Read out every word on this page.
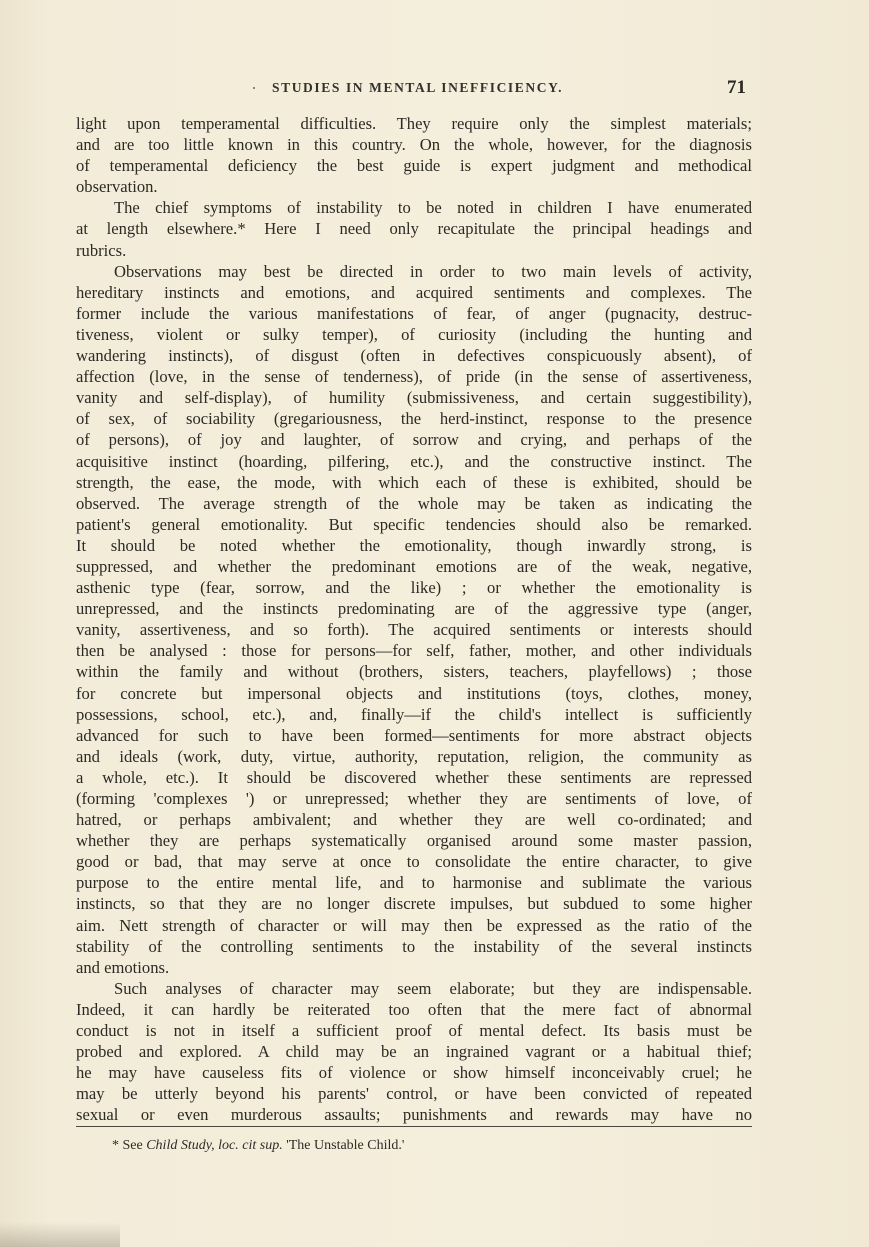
STUDIES IN MENTAL INEFFICIENCY.	71
light upon temperamental difficulties. They require only the simplest materials;
and are too little known in this country. On the whole, however, for the diagnosis
of temperamental deficiency the best guide is expert judgment and methodical
observation.
The chief symptoms of instability to be noted in children I have enumerated
at length elsewhere.* Here I need only recapitulate the principal headings and
rubrics.
Observations may best be directed in order to two main levels of activity,
hereditary instincts and emotions, and acquired sentiments and complexes. The
former include the various manifestations of fear, of anger (pugnacity, destruc-
tiveness, violent or sulky temper), of curiosity (including the hunting and
wandering instincts), of disgust (often in defectives conspicuously absent), of
affection (love, in the sense of tenderness), of pride (in the sense of assertiveness,
vanity and self-display), of humility (submissiveness, and certain suggestibility),
of sex, of sociability (gregariousness, the herd-instinct, response to the presence
of persons), of joy and laughter, of sorrow and crying, and perhaps of the
acquisitive instinct (hoarding, pilfering, etc.), and the constructive instinct. The
strength, the ease, the mode, with which each of these is exhibited, should be
observed. The average strength of the whole may be taken as indicating the
patient's general emotionality. But specific tendencies should also be remarked.
It should be noted whether the emotionality, though inwardly strong, is
suppressed, and whether the predominant emotions are of the weak, negative,
asthenic type (fear, sorrow, and the like) ; or whether the emotionality is
unrepressed, and the instincts predominating are of the aggressive type (anger,
vanity, assertiveness, and so forth). The acquired sentiments or interests should
then be analysed : those for persons—for self, father, mother, and other individuals
within the family and without (brothers, sisters, teachers, playfellows) ; those
for concrete but impersonal objects and institutions (toys, clothes, money,
possessions, school, etc.), and, finally—if the child's intellect is sufficiently
advanced for such to have been formed—sentiments for more abstract objects
and ideals (work, duty, virtue, authority, reputation, religion, the community as
a whole, etc.). It should be discovered whether these sentiments are repressed
(forming 'complexes ') or unrepressed; whether they are sentiments of love, of
hatred, or perhaps ambivalent; and whether they are well co-ordinated; and
whether they are perhaps systematically organised around some master passion,
good or bad, that may serve at once to consolidate the entire character, to give
purpose to the entire mental life, and to harmonise and sublimate the various
instincts, so that they are no longer discrete impulses, but subdued to some higher
aim. Nett strength of character or will may then be expressed as the ratio of the
stability of the controlling sentiments to the instability of the several instincts
and emotions.
Such analyses of character may seem elaborate; but they are indispensable.
Indeed, it can hardly be reiterated too often that the mere fact of abnormal
conduct is not in itself a sufficient proof of mental defect. Its basis must be
probed and explored. A child may be an ingrained vagrant or a habitual thief;
he may have causeless fits of violence or show himself inconceivably cruel; he
may be utterly beyond his parents' control, or have been convicted of repeated
sexual or even murderous assaults; punishments and rewards may have no
* See Child Study, loc. cit sup. 'The Unstable Child.'
